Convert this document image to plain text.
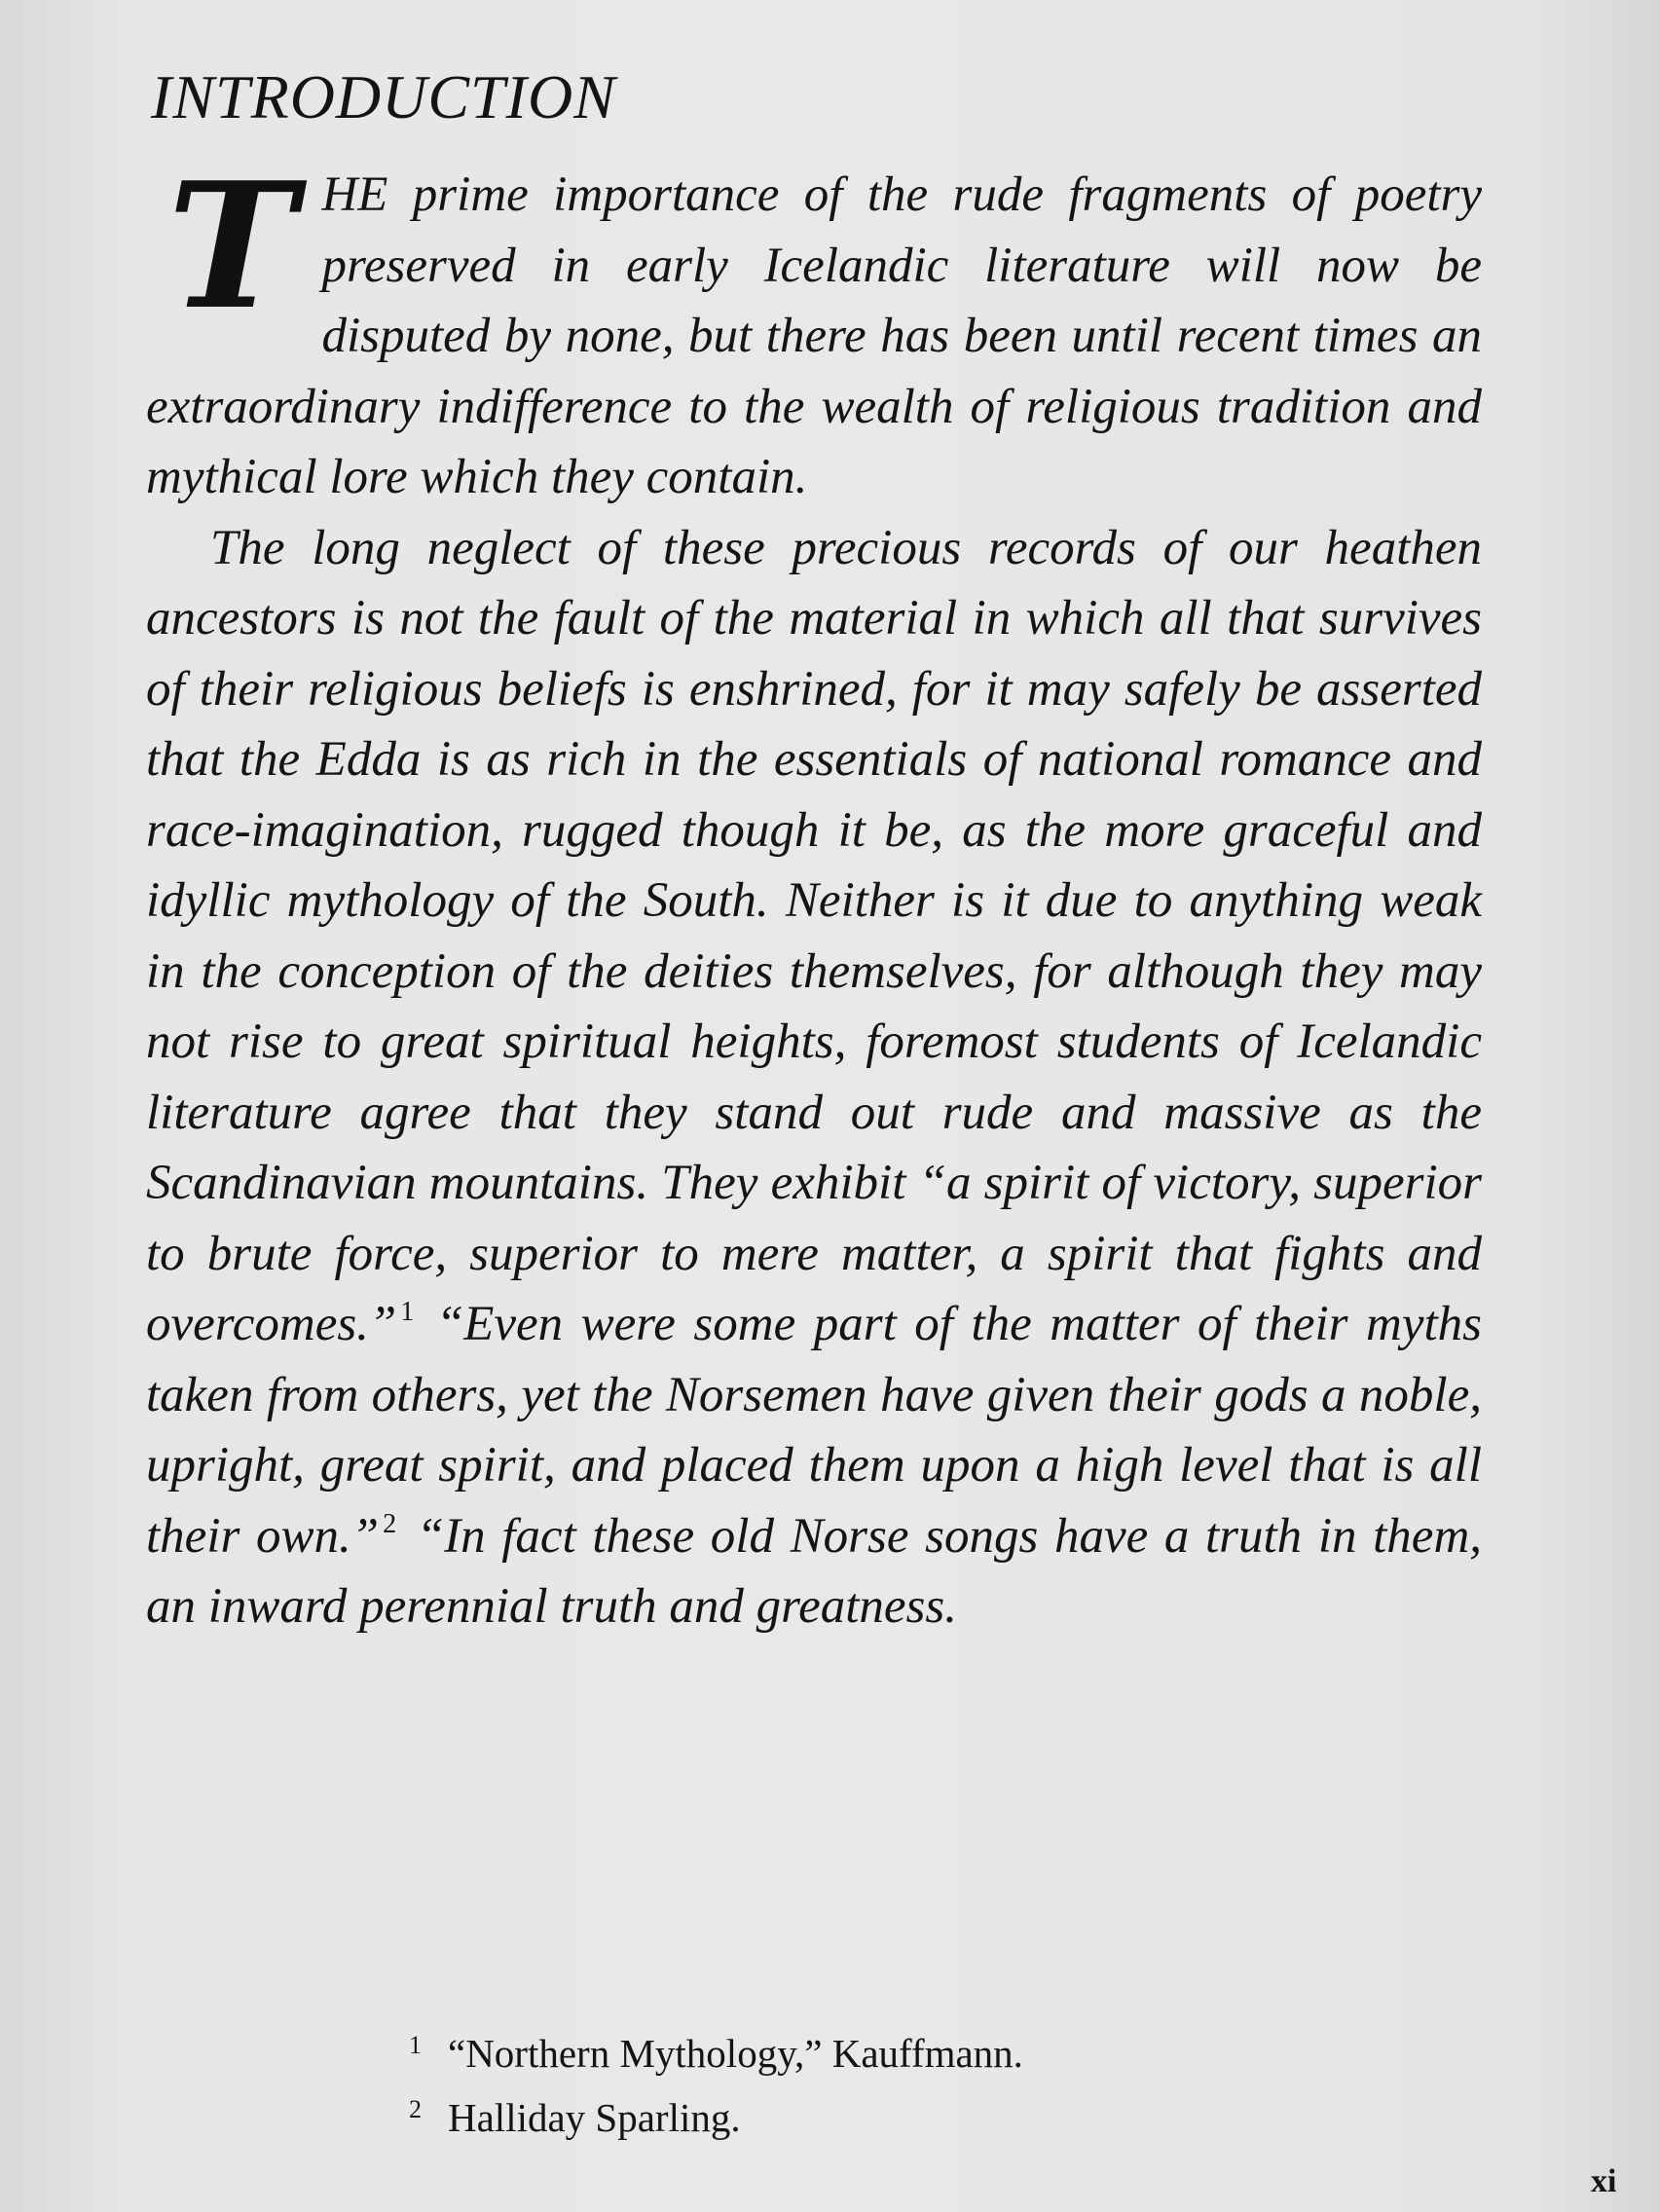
INTRODUCTION

THE prime importance of the rude fragments of poetry preserved in early Icelandic literature will now be disputed by none, but there has been until recent times an extraordinary indifference to the wealth of religious tradition and mythical lore which they contain.

The long neglect of these precious records of our heathen ancestors is not the fault of the material in which all that survives of their religious beliefs is enshrined, for it may safely be asserted that the Edda is as rich in the essentials of national romance and race-imagination, rugged though it be, as the more graceful and idyllic mythology of the South. Neither is it due to anything weak in the conception of the deities themselves, for although they may not rise to great spiritual heights, foremost students of Icelandic literature agree that they stand out rude and massive as the Scandinavian mountains. They exhibit “a spirit of victory, superior to brute force, superior to mere matter, a spirit that fights and overcomes.” $^1$ “Even were some part of the matter of their myths taken from others, yet the Norsemen have given their gods a noble, upright, great spirit, and placed them upon a high level that is all their own.” $^2$ “In fact these old Norse songs have a truth in them, an inward perennial truth and greatness.

1 “Northern Mythology,” Kauffmann.
2 Halliday Sparling.
xi
